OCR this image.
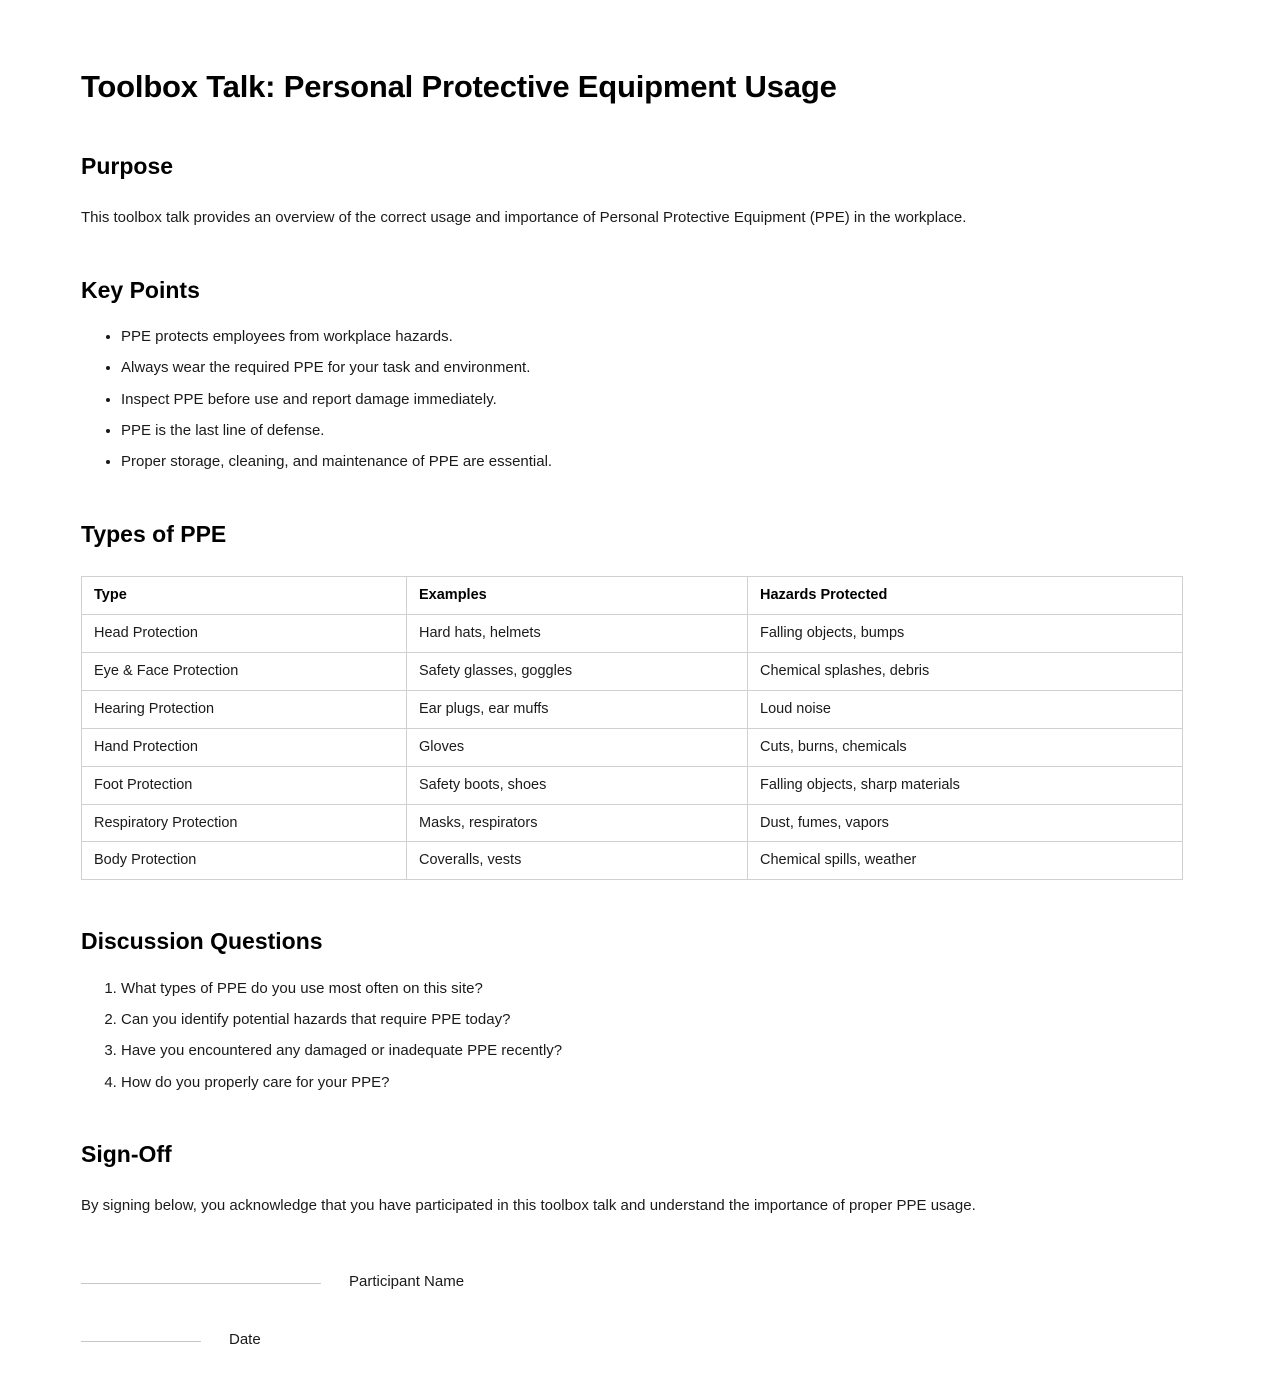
Toolbox Talk: Personal Protective Equipment Usage
Purpose

This toolbox talk provides an overview of the correct usage and importance of Personal Protective Equipment (PPE) in the workplace.

Key Points
• PPE protects employees from workplace hazards.
• Always wear the required PPE for your task and environment.
• Inspect PPE before use and report damage immediately.
• PPE is the last line of defense.
• Proper storage, cleaning, and maintenance of PPE are essential.
Types of PPE
Type	Examples	Hazards Protected
Head Protection	Hard hats, helmets	Falling objects, bumps
Eye & Face Protection	Safety glasses, goggles	Chemical splashes, debris
Hearing Protection	Ear plugs, ear muffs	Loud noise
Hand Protection	Gloves	Cuts, burns, chemicals
Foot Protection	Safety boots, shoes	Falling objects, sharp materials
Respiratory Protection	Masks, respirators	Dust, fumes, vapors
Body Protection	Coveralls, vests	Chemical spills, weather
Discussion Questions
1. What types of PPE do you use most often on this site?
2. Can you identify potential hazards that require PPE today?
3. Have you encountered any damaged or inadequate PPE recently?
4. How do you properly care for your PPE?
Sign-Off

By signing below, you acknowledge that you have participated in this toolbox talk and understand the importance of proper PPE usage.

Participant Name
Date
